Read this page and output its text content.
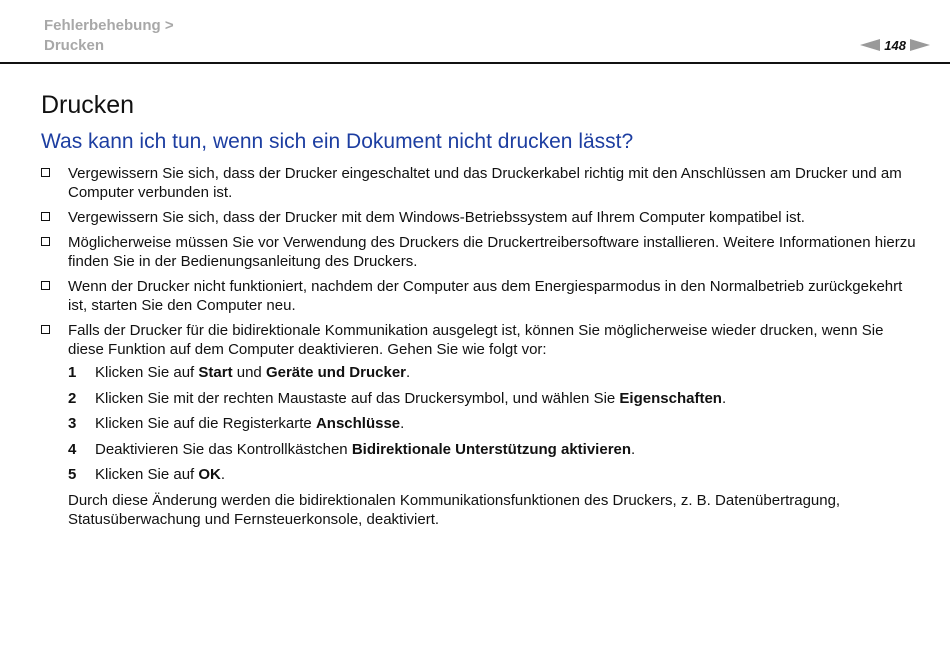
Fehlerbehebung >
Drucken	148
Drucken
Was kann ich tun, wenn sich ein Dokument nicht drucken lässt?
Vergewissern Sie sich, dass der Drucker eingeschaltet und das Druckerkabel richtig mit den Anschlüssen am Drucker und am Computer verbunden ist.
Vergewissern Sie sich, dass der Drucker mit dem Windows-Betriebssystem auf Ihrem Computer kompatibel ist.
Möglicherweise müssen Sie vor Verwendung des Druckers die Druckertreibersoftware installieren. Weitere Informationen hierzu finden Sie in der Bedienungsanleitung des Druckers.
Wenn der Drucker nicht funktioniert, nachdem der Computer aus dem Energiesparmodus in den Normalbetrieb zurückgekehrt ist, starten Sie den Computer neu.
Falls der Drucker für die bidirektionale Kommunikation ausgelegt ist, können Sie möglicherweise wieder drucken, wenn Sie diese Funktion auf dem Computer deaktivieren. Gehen Sie wie folgt vor:
1 Klicken Sie auf Start und Geräte und Drucker.
2 Klicken Sie mit der rechten Maustaste auf das Druckersymbol, und wählen Sie Eigenschaften.
3 Klicken Sie auf die Registerkarte Anschlüsse.
4 Deaktivieren Sie das Kontrollkästchen Bidirektionale Unterstützung aktivieren.
5 Klicken Sie auf OK.
Durch diese Änderung werden die bidirektionalen Kommunikationsfunktionen des Druckers, z. B. Datenübertragung, Statusüberwachung und Fernsteuerkonsole, deaktiviert.
